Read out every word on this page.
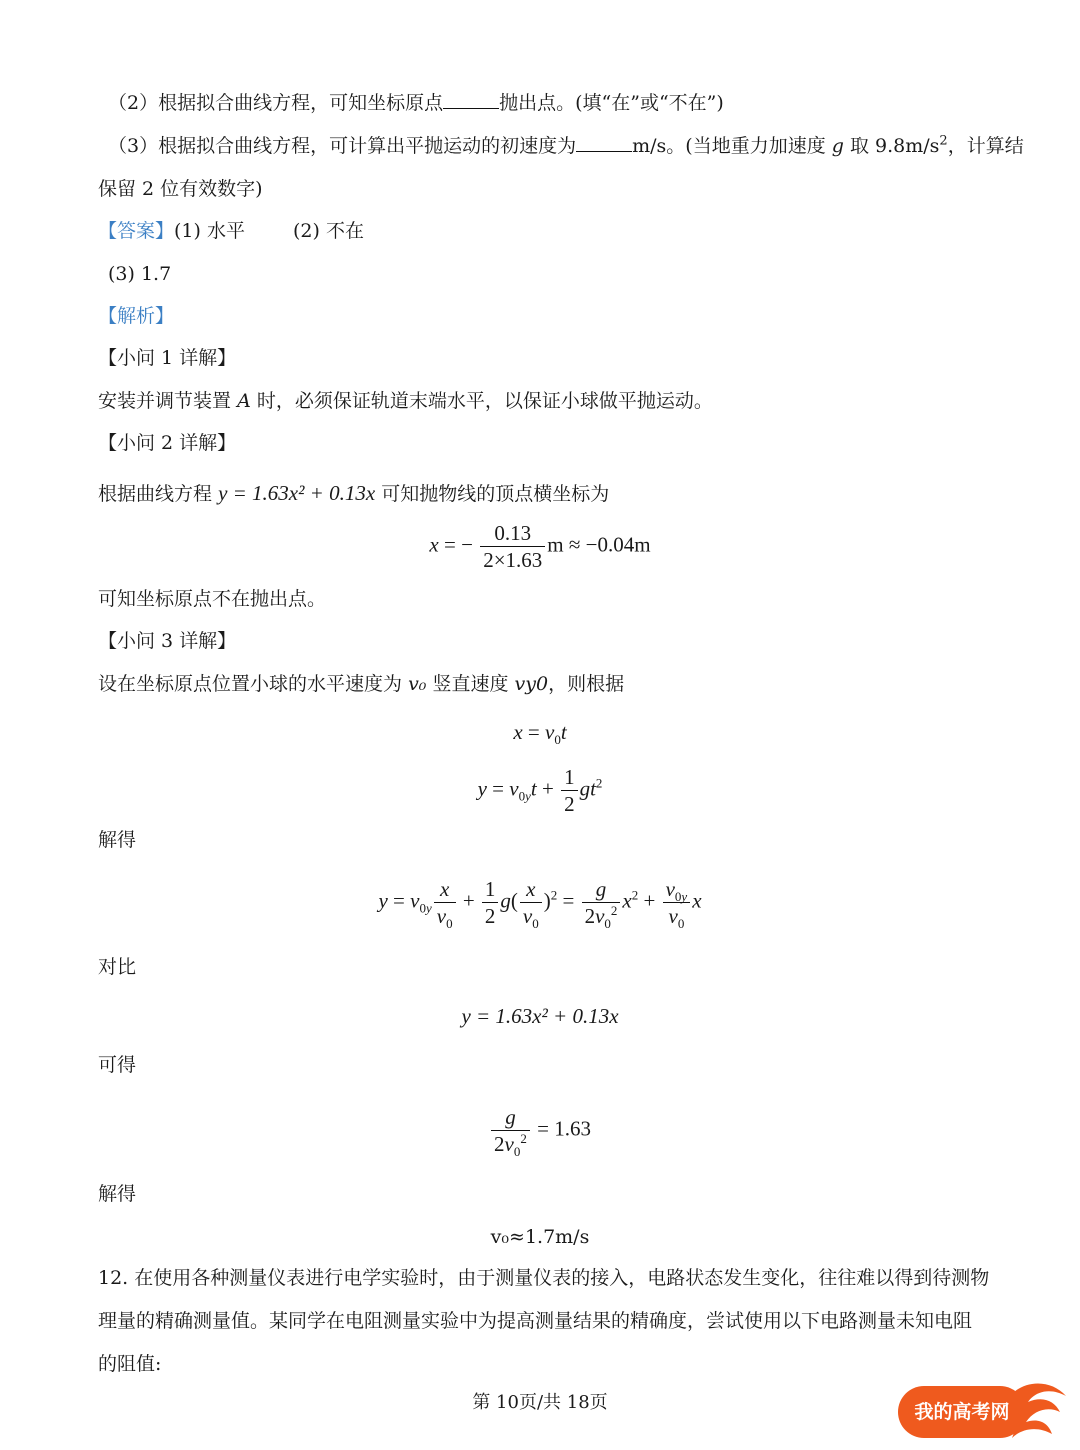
（2）根据拟合曲线方程，可知坐标原点	抛出点。(填“在”或“不在”)
（3）根据拟合曲线方程，可计算出平抛运动的初速度为	m/s。(当地重力加速度 g 取 $9.8m/s^2$，计算结
保留 2 位有效数字)
【答案】(1) 水平	(2) 不在
(3) 1.7
【解析】
【小问 1 详解】
安装并调节装置 A 时，必须保证轨道末端水平，以保证小球做平抛运动。
【小问 2 详解】
根据曲线方程 y = 1.63x² + 0.13x 可知抛物线的顶点横坐标为
x = − $\frac{0.13}{2\times 1.63}$ m ≈ −0.04m
可知坐标原点不在抛出点。
【小问 3 详解】
设在坐标原点位置小球的水平速度为 v₀ 竖直速度 vy0，则根据
$x = v_0t$
$y = v_{0y}t + \frac{1}{2} gt^2$
解得
$y = v_{0y} \frac{x}{v_0} + \frac{1}{2} g( \frac{x}{v_0} )^2 = \frac{g}{2v_0^2} x^2 + \frac{v_{0y}}{v_0}$ x
对比
y = 1.63x² + 0.13x
可得
$\frac{g}{2v_0^2} = 1.63$
解得
v₀≈1.7m/s
12. 在使用各种测量仪表进行电学实验时，由于测量仪表的接入，电路状态发生变化，往往难以得到待测物
理量的精确测量值。某同学在电阻测量实验中为提高测量结果的精确度，尝试使用以下电路测量未知电阻
的阻值:
第 10页/共 18页	我的高考网
